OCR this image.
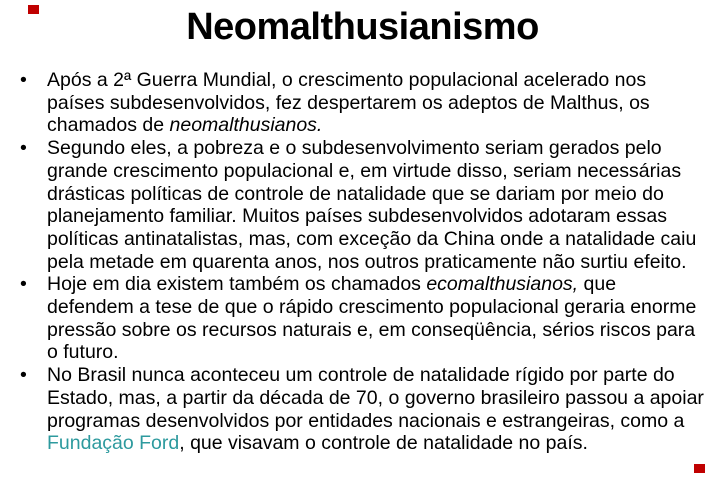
Neomalthusianismo
•	Após a 2ª Guerra Mundial, o crescimento populacional acelerado nos
países subdesenvolvidos, fez despertarem os adeptos de Malthus, os
chamados de neomalthusianos.
•	Segundo eles, a pobreza e o subdesenvolvimento seriam gerados pelo
grande crescimento populacional e, em virtude disso, seriam necessárias
drásticas políticas de controle de natalidade que se dariam por meio do
planejamento familiar. Muitos países subdesenvolvidos adotaram essas
políticas antinatalistas, mas, com exceção da China onde a natalidade caiu
pela metade em quarenta anos, nos outros praticamente não surtiu efeito.
•	Hoje em dia existem também os chamados ecomalthusianos, que
defendem a tese de que o rápido crescimento populacional geraria enorme
pressão sobre os recursos naturais e, em conseqüência, sérios riscos para
o futuro.
•	No Brasil nunca aconteceu um controle de natalidade rígido por parte do
Estado, mas, a partir da década de 70, o governo brasileiro passou a apoiar
programas desenvolvidos por entidades nacionais e estrangeiras, como a
Fundação Ford, que visavam o controle de natalidade no país.
